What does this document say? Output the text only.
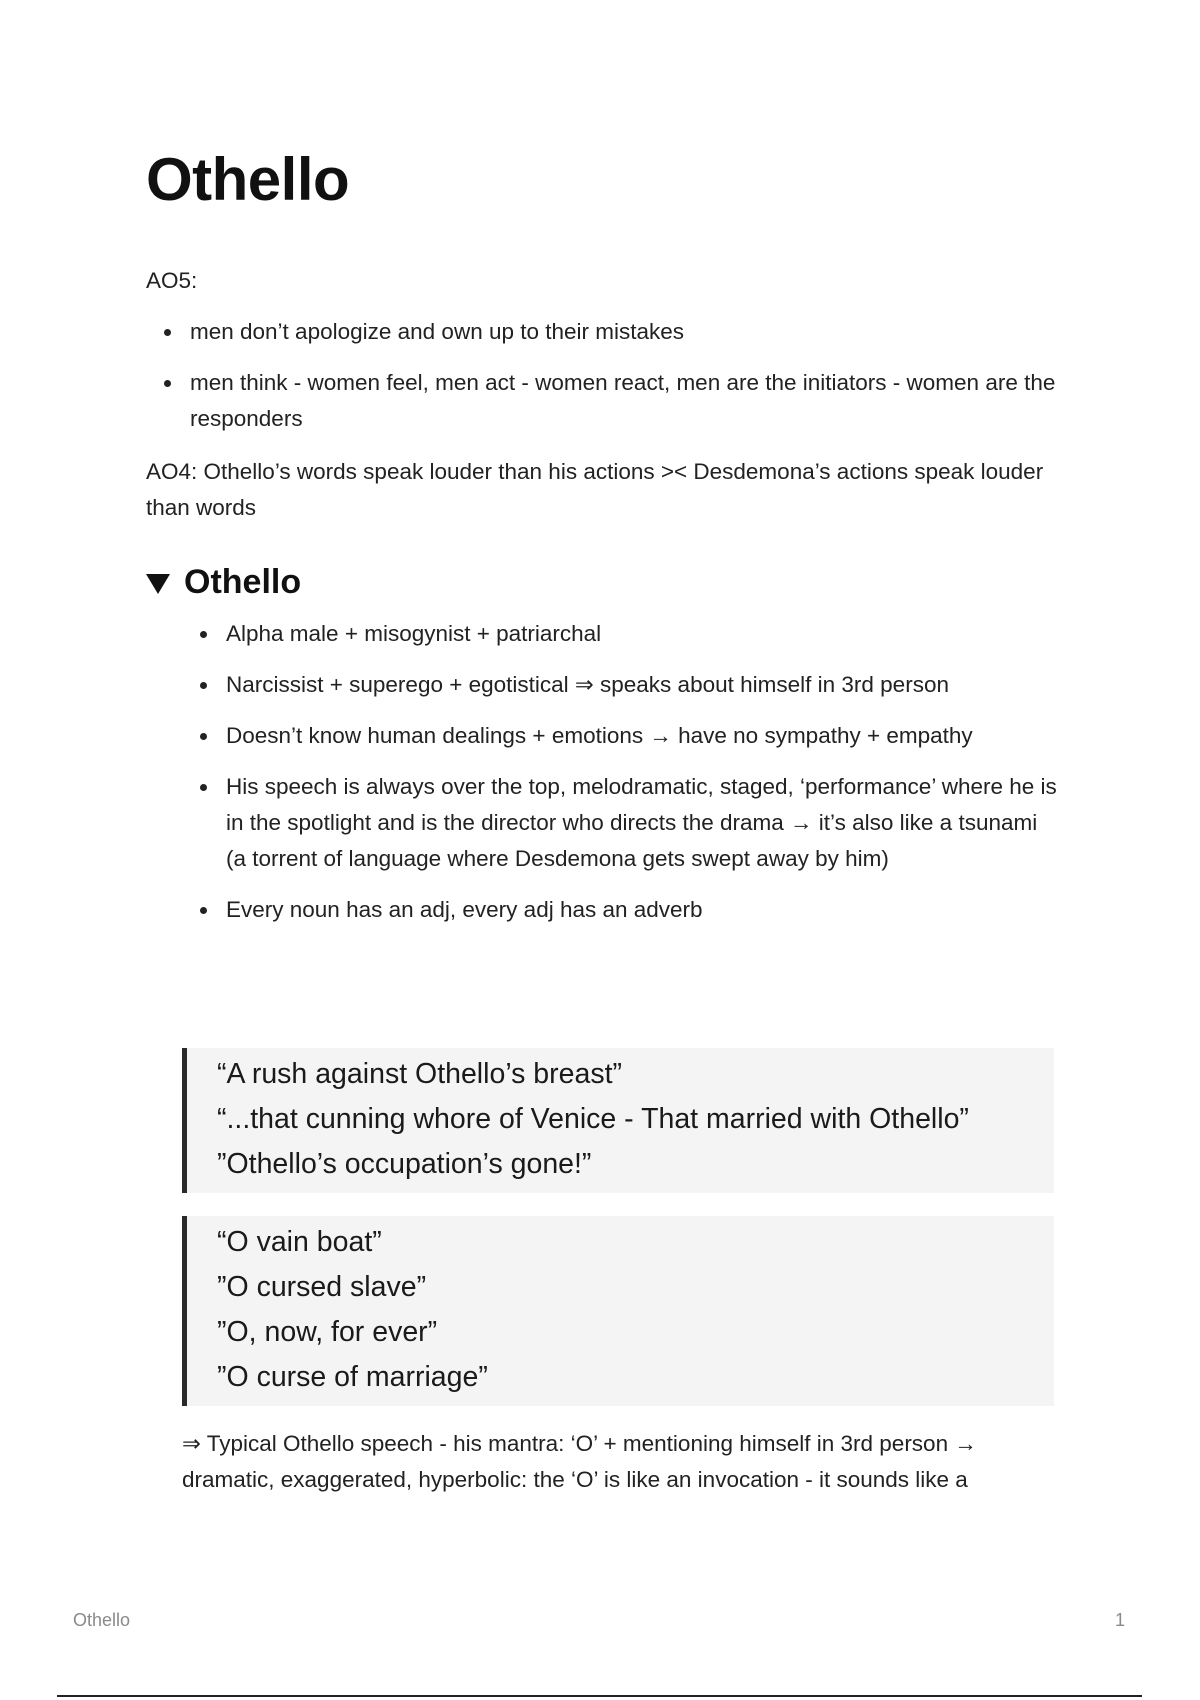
Othello

AO5:

men don’t apologize and own up to their mistakes
men think - women feel, men act - women react, men are the initiators - women are the responders

AO4: Othello’s words speak louder than his actions >< Desdemona’s actions speak louder than words

Othello
Alpha male + misogynist + patriarchal
Narcissist + superego + egotistical ⇒ speaks about himself in 3rd person
Doesn’t know human dealings + emotions → have no sympathy + empathy
His speech is always over the top, melodramatic, staged, ‘performance’ where he is in the spotlight and is the director who directs the drama → it’s also like a tsunami (a torrent of language where Desdemona gets swept away by him)
Every noun has an adj, every adj has an adverb
“A rush against Othello’s breast”
“...that cunning whore of Venice - That married with Othello”
”Othello’s occupation’s gone!”
“O vain boat”
”O cursed slave”
”O, now, for ever”
”O curse of marriage”

⇒ Typical Othello speech - his mantra: ‘O’ + mentioning himself in 3rd person → dramatic, exaggerated, hyperbolic: the ‘O’ is like an invocation - it sounds like a

Othello	1
